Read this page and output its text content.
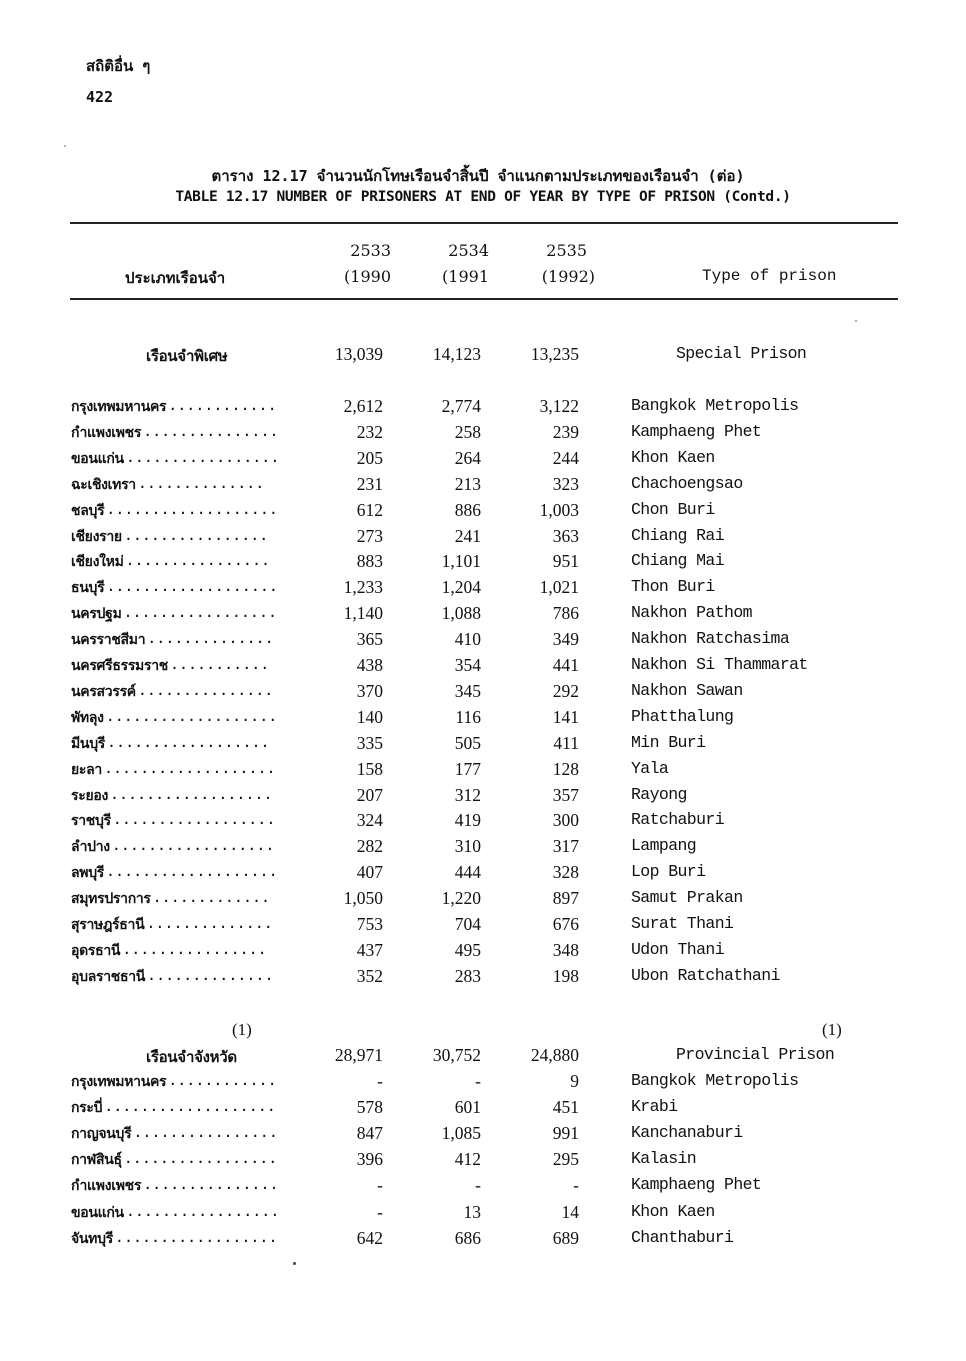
สถิติอื่น ๆ
422
ตาราง 12.17 จำนวนนักโทษเรือนจำสิ้นปี จำแนกตามประเภทของเรือนจำ (ต่อ)
TABLE 12.17 NUMBER OF PRISONERS AT END OF YEAR BY TYPE OF PRISON (Contd.)
2533	2534	2535
(1990	(1991	(1992)
ประเภทเรือนจำ	Type of prison
เรือนจำพิเศษ	13,039	14,123	13,235	Special Prison
กรุงเทพมหานคร ............	2,612	2,774	3,122	Bangkok Metropolis
กำแพงเพชร ...............	232	258	239	Kamphaeng Phet
ขอนแก่น .................	205	264	244	Khon Kaen
ฉะเชิงเทรา ..............	231	213	323	Chachoengsao
ชลบุรี ...................	612	886	1,003	Chon Buri
เชียงราย ................	273	241	363	Chiang Rai
เชียงใหม่ ................	883	1,101	951	Chiang Mai
ธนบุรี ...................	1,233	1,204	1,021	Thon Buri
นครปฐม .................	1,140	1,088	786	Nakhon Pathom
นครราชสีมา ..............	365	410	349	Nakhon Ratchasima
นครศรีธรรมราช ...........	438	354	441	Nakhon Si Thammarat
นครสวรรค์ ...............	370	345	292	Nakhon Sawan
พัทลุง ...................	140	116	141	Phatthalung
มีนบุรี ..................	335	505	411	Min Buri
ยะลา ...................	158	177	128	Yala
ระยอง ..................	207	312	357	Rayong
ราชบุรี ..................	324	419	300	Ratchaburi
ลำปาง ..................	282	310	317	Lampang
ลพบุรี ...................	407	444	328	Lop Buri
สมุทรปราการ .............	1,050	1,220	897	Samut Prakan
สุราษฎร์ธานี ..............	753	704	676	Surat Thani
อุดรธานี ................	437	495	348	Udon Thani
อุบลราชธานี ..............	352	283	198	Ubon Ratchathani
(1)	(1)
เรือนจำจังหวัด	28,971	30,752	24,880	Provincial Prison
กรุงเทพมหานคร ............	-	-	9	Bangkok Metropolis
กระบี่ ...................	578	601	451	Krabi
กาญจนบุรี ................	847	1,085	991	Kanchanaburi
กาฬสินธุ์ .................	396	412	295	Kalasin
กำแพงเพชร ...............	-	-	-	Kamphaeng Phet
ขอนแก่น .................	-	13	14	Khon Kaen
จันทบุรี ..................	642	686	689	Chanthaburi
